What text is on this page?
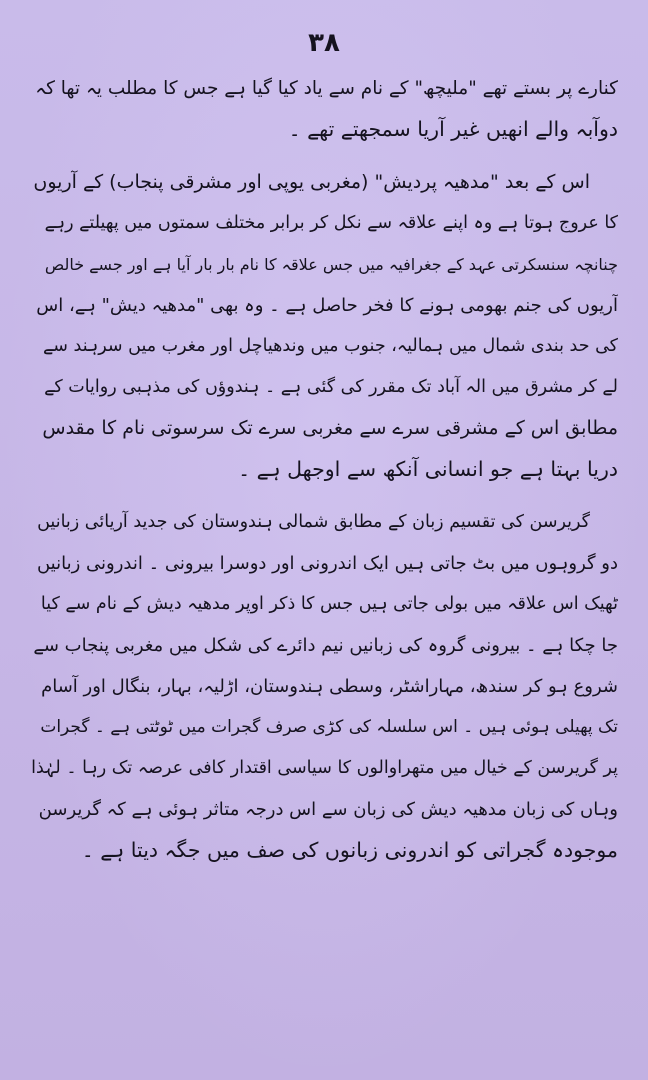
۳۸
کنارے پر بستے تھے "ملیچھ" کے نام سے یاد کیا گیا ہے جس کا مطلب یہ تھا کہ
دوآبہ والے انھیں غیر آریا سمجھتے تھے ۔
اس کے بعد "مدھیہ پردیش" (مغربی یوپی اور مشرقی پنجاب) کے آریوں
کا عروج ہوتا ہے وہ اپنے علاقہ سے نکل کر برابر مختلف سمتوں میں پھیلتے رہے
چنانچہ سنسکرتی عہد کے جغرافیہ میں جس علاقہ کا نام بار بار آیا ہے اور جسے خالص
آریوں کی جنم بھومی ہونے کا فخر حاصل ہے ۔ وہ بھی "مدھیہ دیش" ہے، اس
کی حد بندی شمال میں ہمالیہ، جنوب میں وندھیاچل اور مغرب میں سرہند سے
لے کر مشرق میں الہ آباد تک مقرر کی گئی ہے ۔ ہندوؤں کی مذہبی روایات کے
مطابق اس کے مشرقی سرے سے مغربی سرے تک سرسوتی نام کا مقدس
دریا بہتا ہے جو انسانی آنکھ سے اوجھل ہے ۔
گریرسن کی تقسیم زبان کے مطابق شمالی ہندوستان کی جدید آریائی زبانیں
دو گروہوں میں بٹ جاتی ہیں ایک اندرونی اور دوسرا بیرونی ۔ اندرونی زبانیں
ٹھیک اس علاقہ میں بولی جاتی ہیں جس کا ذکر اوپر مدھیہ دیش کے نام سے کیا
جا چکا ہے ۔ بیرونی گروہ کی زبانیں نیم دائرے کی شکل میں مغربی پنجاب سے
شروع ہو کر سندھ، مہاراشٹر، وسطی ہندوستان، اڑلیہ، بہار، بنگال اور آسام
تک پھیلی ہوئی ہیں ۔ اس سلسلہ کی کڑی صرف گجرات میں ٹوٹتی ہے ۔ گجرات
پر گریرسن کے خیال میں متھراوالوں کا سیاسی اقتدار کافی عرصہ تک رہا ۔ لہٰذا
وہاں کی زبان مدھیہ دیش کی زبان سے اس درجہ متاثر ہوئی ہے کہ گریرسن
موجودہ گجراتی کو اندرونی زبانوں کی صف میں جگہ دیتا ہے ۔
